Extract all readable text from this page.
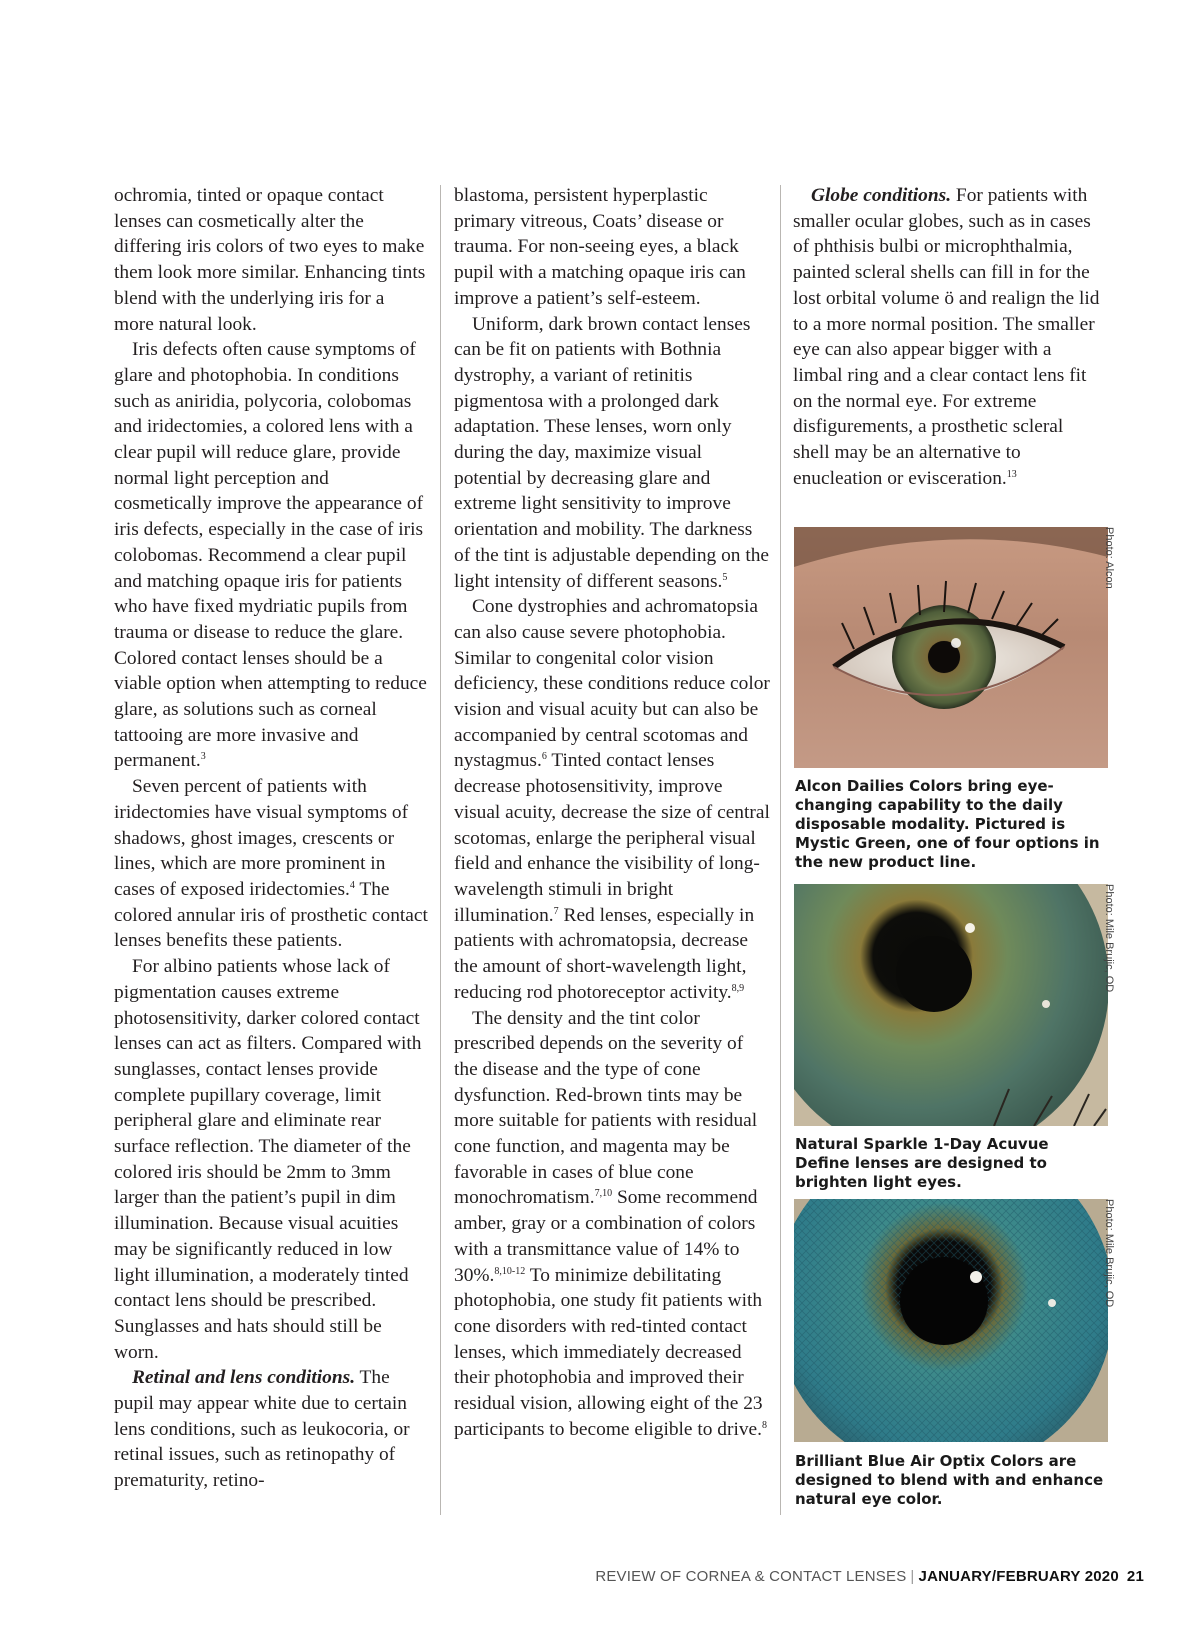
ochromia, tinted or opaque contact lenses can cosmetically alter the differing iris colors of two eyes to make them look more similar. Enhancing tints blend with the underlying iris for a more natural look.

Iris defects often cause symptoms of glare and photophobia. In conditions such as aniridia, polycoria, colobomas and iridectomies, a colored lens with a clear pupil will reduce glare, provide normal light perception and cosmetically improve the appearance of iris defects, especially in the case of iris colobomas. Recommend a clear pupil and matching opaque iris for patients who have fixed mydriatic pupils from trauma or disease to reduce the glare. Colored contact lenses should be a viable option when attempting to reduce glare, as solutions such as corneal tattooing are more invasive and permanent.$^3$

Seven percent of patients with iridectomies have visual symptoms of shadows, ghost images, crescents or lines, which are more prominent in cases of exposed iridectomies.$^4$ The colored annular iris of prosthetic contact lenses benefits these patients.

For albino patients whose lack of pigmentation causes extreme photosensitivity, darker colored contact lenses can act as filters. Compared with sunglasses, contact lenses provide complete pupillary coverage, limit peripheral glare and eliminate rear surface reflection. The diameter of the colored iris should be 2mm to 3mm larger than the patient’s pupil in dim illumination. Because visual acuities may be significantly reduced in low light illumination, a moderately tinted contact lens should be prescribed. Sunglasses and hats should still be worn.

Retinal and lens conditions. The pupil may appear white due to certain lens conditions, such as leukocoria, or retinal issues, such as retinopathy of prematurity, retino-

blastoma, persistent hyperplastic primary vitreous, Coats’ disease or trauma. For non-seeing eyes, a black pupil with a matching opaque iris can improve a patient’s self-esteem.

Uniform, dark brown contact lenses can be fit on patients with Bothnia dystrophy, a variant of retinitis pigmentosa with a prolonged dark adaptation. These lenses, worn only during the day, maximize visual potential by decreasing glare and extreme light sensitivity to improve orientation and mobility. The darkness of the tint is adjustable depending on the light intensity of different seasons.$^5$

Cone dystrophies and achromatopsia can also cause severe photophobia. Similar to congenital color vision deficiency, these conditions reduce color vision and visual acuity but can also be accompanied by central scotomas and nystagmus.$^6$ Tinted contact lenses decrease photosensitivity, improve visual acuity, decrease the size of central scotomas, enlarge the peripheral visual field and enhance the visibility of long-wavelength stimuli in bright illumination.$^7$ Red lenses, especially in patients with achromatopsia, decrease the amount of short-wavelength light, reducing rod photoreceptor activity.$^{8,9}$

The density and the tint color prescribed depends on the severity of the disease and the type of cone dysfunction. Red-brown tints may be more suitable for patients with residual cone function, and magenta may be favorable in cases of blue cone monochromatism.$^{7,10}$ Some recommend amber, gray or a combination of colors with a transmittance value of 14% to 30%.$^{8,10-12}$ To minimize debilitating photophobia, one study fit patients with cone disorders with red-tinted contact lenses, which immediately decreased their photophobia and improved their residual vision, allowing eight of the 23 participants to become eligible to drive.$^8$

Globe conditions. For patients with smaller ocular globes, such as in cases of phthisis bulbi or microphthalmia, painted scleral shells can fill in for the lost orbital volume ö and realign the lid to a more normal position. The smaller eye can also appear bigger with a limbal ring and a clear contact lens fit on the normal eye. For extreme disfigurements, a prosthetic scleral shell may be an alternative to enucleation or evisceration.$^{13}$

Photo: Alcon
Alcon Dailies Colors bring eye-changing capability to the daily disposable modality. Pictured is Mystic Green, one of four options in the new product line.
Photo: Mile Brujic, OD
Natural Sparkle 1-Day Acuvue Define lenses are designed to brighten light eyes.
Photo: Mile Brujic, OD
Brilliant Blue Air Optix Colors are designed to blend with and enhance natural eye color.
REVIEW OF CORNEA & CONTACT LENSES | JANUARY/FEBRUARY 2020 21
